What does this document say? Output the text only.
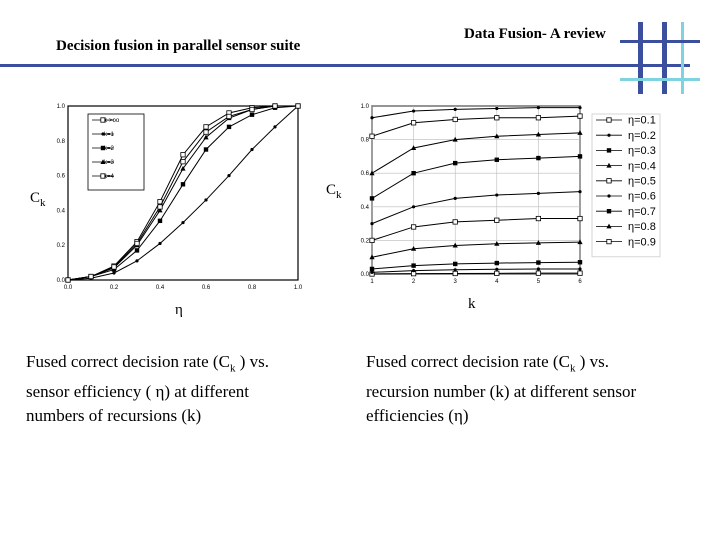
Decision fusion in parallel sensor suite
Data Fusion- A review
0.0
0.2
0.4
0.6
0.8
1.0
0.0	0.2	0.4	0.6	0.8	1.0
k->oo
k=1
k=2
k=3
k=4
$C_k$
η
0.0
0.2
0.4
0.6
0.8
1.0
1	2	3	4	5	6
η=0.1
η=0.2
η=0.3
η=0.4
η=0.5
η=0.6
η=0.7
η=0.8
η=0.9
$C_k$
k
Fused correct decision rate ($C_k$ ) vs.
sensor efficiency ( η) at different
numbers of recursions (k)
Fused correct decision rate ($C_k$ ) vs.
recursion number (k) at different sensor
efficiencies (η)
